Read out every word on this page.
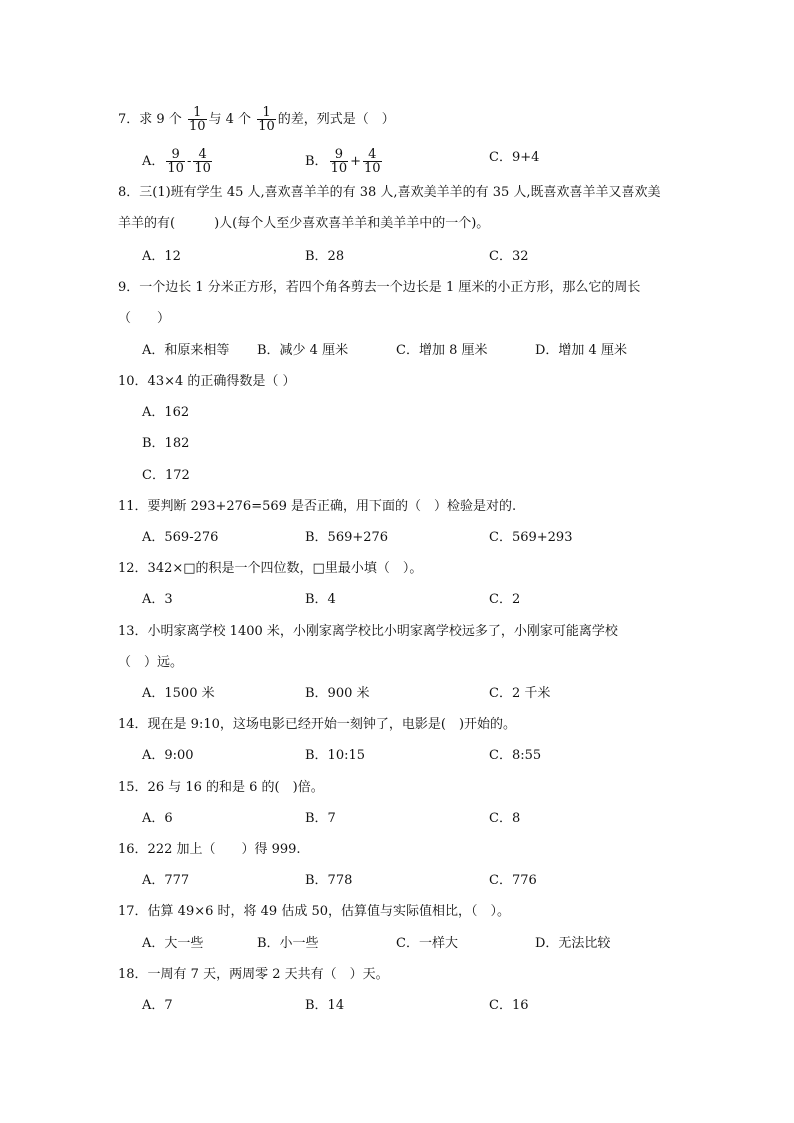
7．求 9 个 $\frac{1}{10}$ 与 4 个 $\frac{1}{10}$ 的差，列式是（　）
A． $\frac{9}{10} - \frac{4}{10}$	B． $\frac{9}{10} + \frac{4}{10}$	C．9+4
8．三(1)班有学生 45 人,喜欢喜羊羊的有 38 人,喜欢美羊羊的有 35 人,既喜欢喜羊羊又喜欢美
羊羊的有(　　　)人(每个人至少喜欢喜羊羊和美羊羊中的一个)。
A．12	B．28	C．32
9．一个边长 1 分米正方形，若四个角各剪去一个边长是 1 厘米的小正方形，那么它的周长
（　　）
A．和原来相等 B．减少 4 厘米	C．增加 8 厘米	D．增加 4 厘米
10．43×4 的正确得数是（ ）
A．162
B．182
C．172
11．要判断 293+276=569 是否正确，用下面的（　）检验是对的.
A．569-276	B．569+276	C．569+293
12．342×□的积是一个四位数，□里最小填（　）。
A．3	B．4	C．2
13．小明家离学校 1400 米，小刚家离学校比小明家离学校远多了，小刚家可能离学校
（　）远。
A．1500 米	B．900 米	C．2 千米
14．现在是 9:10，这场电影已经开始一刻钟了，电影是(　)开始的。
A．9:00	B．10:15	C．8:55
15．26 与 16 的和是 6 的(　)倍。
A．6	B．7	C．8
16．222 加上（　　）得 999.
A．777	B．778	C．776
17．估算 49×6 时，将 49 估成 50，估算值与实际值相比，（　）。
A．大一些	B．小一些	C．一样大	D．无法比较
18．一周有 7 天，两周零 2 天共有（　）天。
A．7	B．14	C．16
